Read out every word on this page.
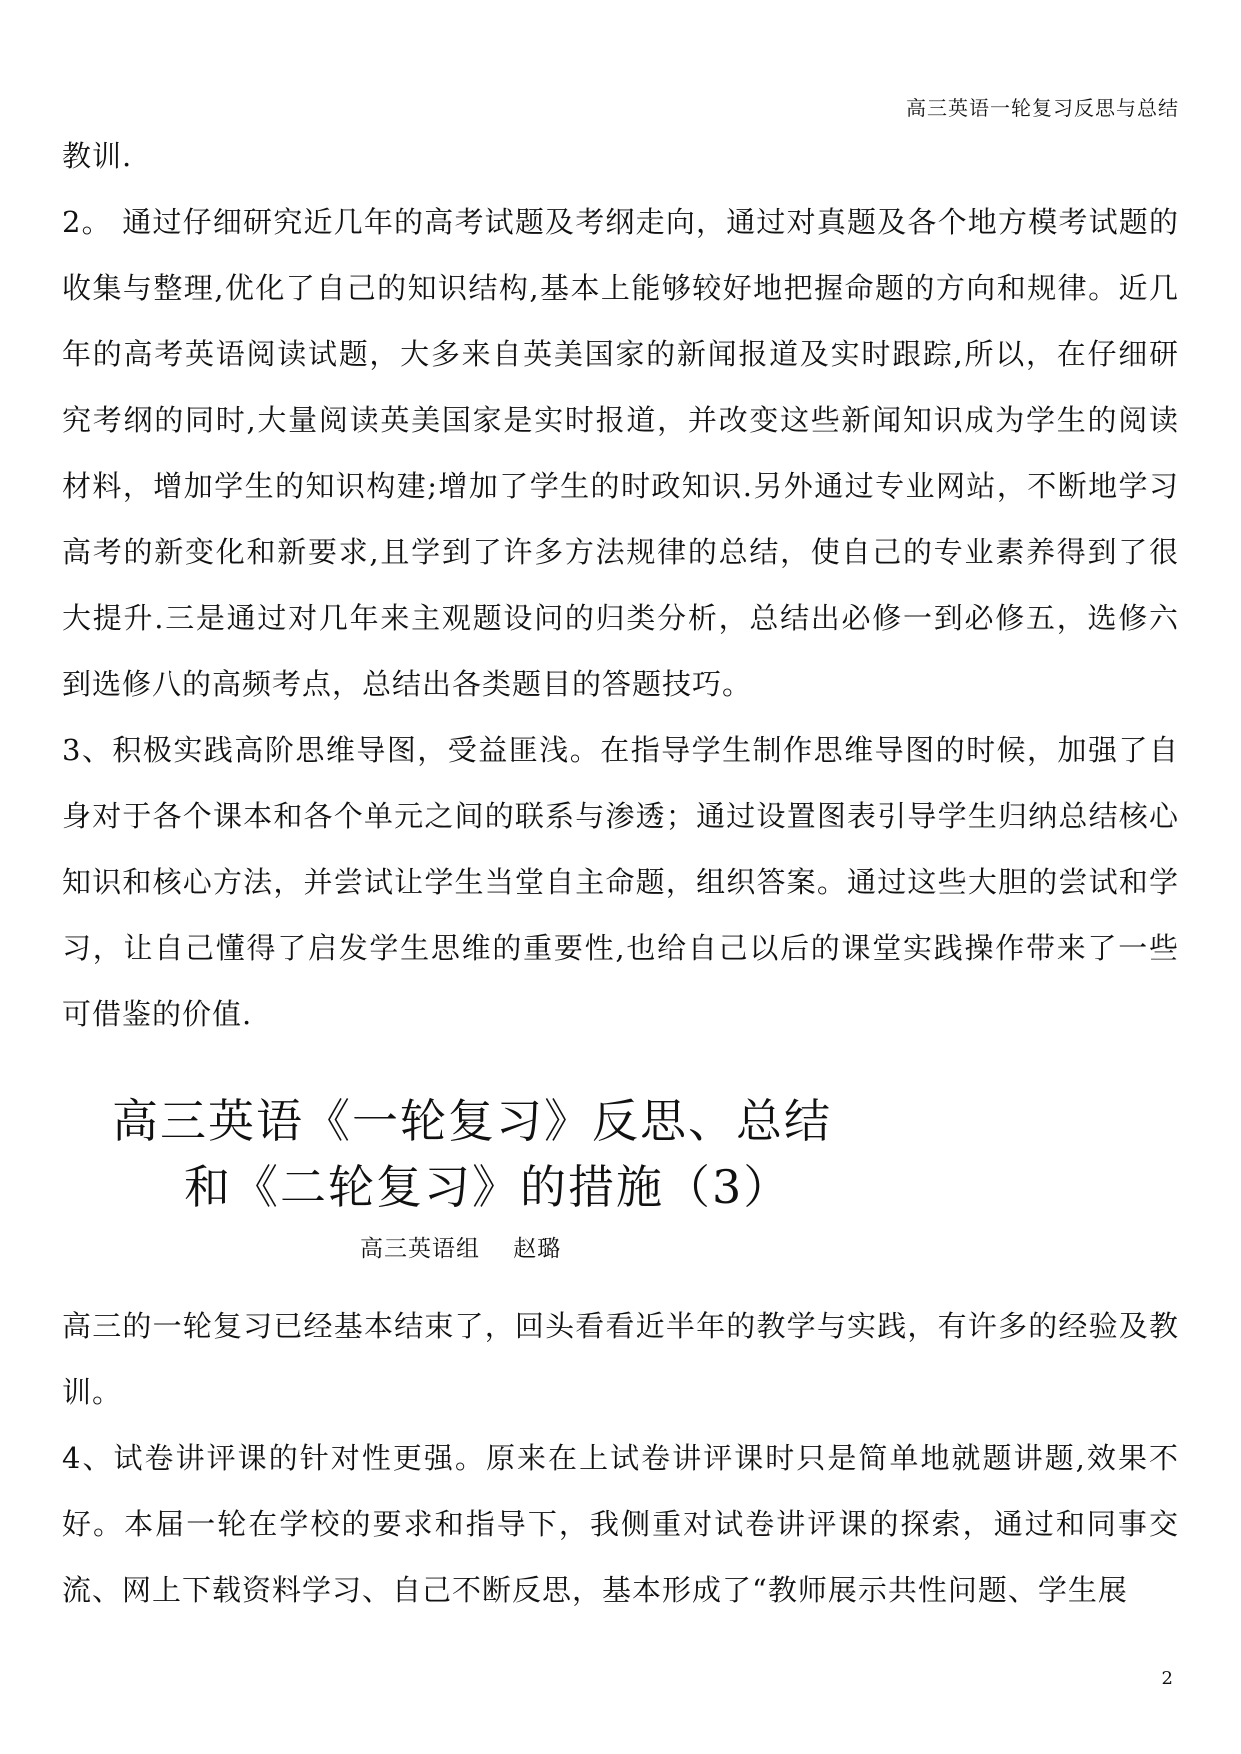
高三英语一轮复习反思与总结

教训.

2。 通过仔细研究近几年的高考试题及考纲走向，通过对真题及各个地方模考试题的收集与整理,优化了自己的知识结构,基本上能够较好地把握命题的方向和规律。近几年的高考英语阅读试题，大多来自英美国家的新闻报道及实时跟踪,所以，在仔细研究考纲的同时,大量阅读英美国家是实时报道，并改变这些新闻知识成为学生的阅读材料，增加学生的知识构建;增加了学生的时政知识.另外通过专业网站，不断地学习高考的新变化和新要求,且学到了许多方法规律的总结，使自己的专业素养得到了很大提升.三是通过对几年来主观题设问的归类分析，总结出必修一到必修五，选修六到选修八的高频考点，总结出各类题目的答题技巧。

3、积极实践高阶思维导图，受益匪浅。在指导学生制作思维导图的时候，加强了自身对于各个课本和各个单元之间的联系与渗透；通过设置图表引导学生归纳总结核心知识和核心方法，并尝试让学生当堂自主命题，组织答案。通过这些大胆的尝试和学习，让自己懂得了启发学生思维的重要性,也给自己以后的课堂实践操作带来了一些可借鉴的价值.

高三英语《一轮复习》反思、总结
和《二轮复习》的措施（3）
高三英语组    赵璐

高三的一轮复习已经基本结束了，回头看看近半年的教学与实践，有许多的经验及教训。

4、试卷讲评课的针对性更强。原来在上试卷讲评课时只是简单地就题讲题,效果不好。本届一轮在学校的要求和指导下，我侧重对试卷讲评课的探索，通过和同事交流、网上下载资料学习、自己不断反思，基本形成了“教师展示共性问题、学生展

2
